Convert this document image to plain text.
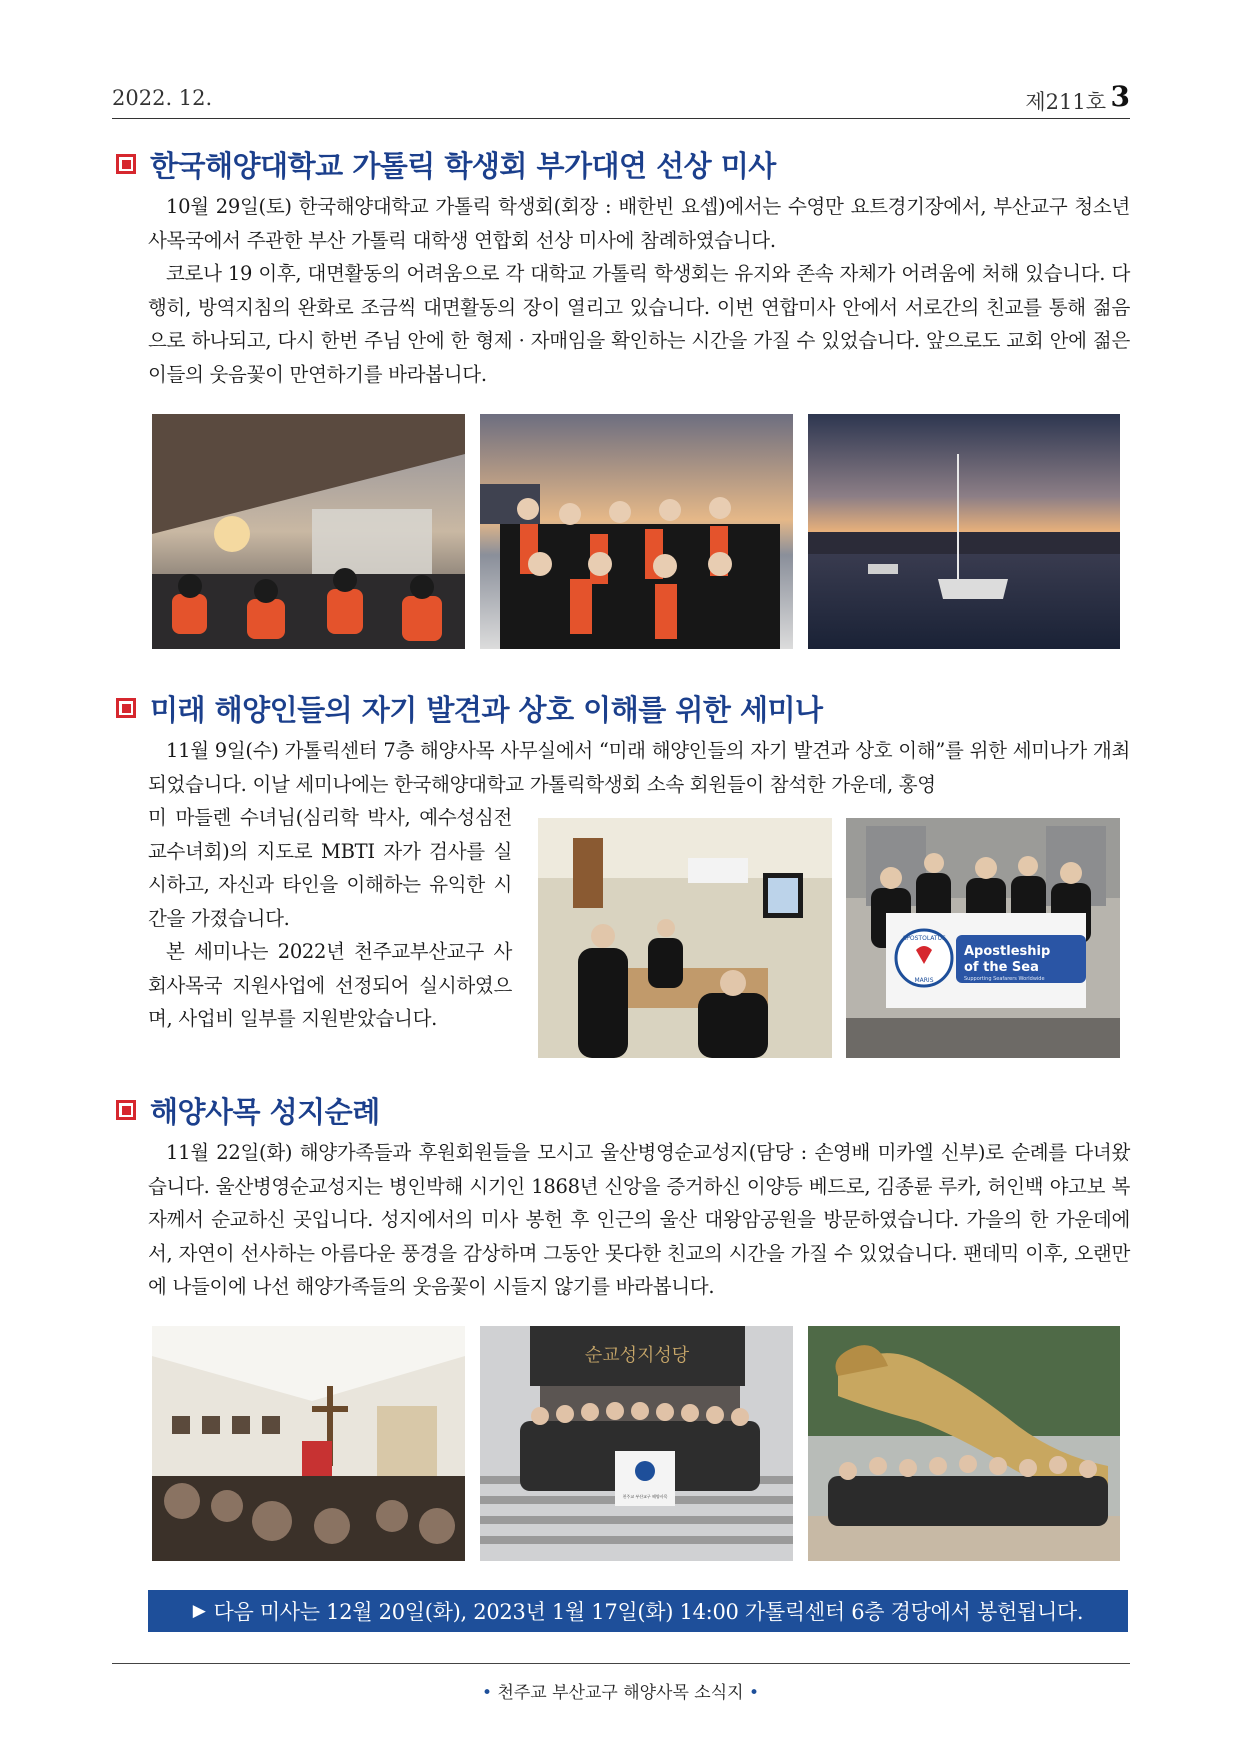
2022. 12.	제211호 3
한국해양대학교 가톨릭 학생회 부가대연 선상 미사

10월 29일(토) 한국해양대학교 가톨릭 학생회(회장 : 배한빈 요셉)에서는 수영만 요트경기장에서, 부산교구 청소년 사목국에서 주관한 부산 가톨릭 대학생 연합회 선상 미사에 참례하였습니다.

코로나 19 이후, 대면활동의 어려움으로 각 대학교 가톨릭 학생회는 유지와 존속 자체가 어려움에 처해 있습니다. 다행히, 방역지침의 완화로 조금씩 대면활동의 장이 열리고 있습니다. 이번 연합미사 안에서 서로간의 친교를 통해 젊음으로 하나되고, 다시 한번 주님 안에 한 형제 · 자매임을 확인하는 시간을 가질 수 있었습니다. 앞으로도 교회 안에 젊은이들의 웃음꽃이 만연하기를 바라봅니다.

미래 해양인들의 자기 발견과 상호 이해를 위한 세미나

11월 9일(수) 가톨릭센터 7층 해양사목 사무실에서 “미래 해양인들의 자기 발견과 상호 이해”를 위한 세미나가 개최되었습니다. 이날 세미나에는 한국해양대학교 가톨릭학생회 소속 회원들이 참석한 가운데, 홍영

미 마들렌 수녀님(심리학 박사, 예수성심전교수녀회)의 지도로 MBTI 자가 검사를 실시하고, 자신과 타인을 이해하는 유익한 시간을 가졌습니다.

본 세미나는 2022년 천주교부산교구 사회사목국 지원사업에 선정되어 실시하였으며, 사업비 일부를 지원받았습니다.

APOSTOLATUS
MARIS
Apostleship
of the Sea
Supporting Seafarers Worldwide
해양사목 성지순례

11월 22일(화) 해양가족들과 후원회원들을 모시고 울산병영순교성지(담당 : 손영배 미카엘 신부)로 순례를 다녀왔습니다. 울산병영순교성지는 병인박해 시기인 1868년 신앙을 증거하신 이양등 베드로, 김종륜 루카, 허인백 야고보 복자께서 순교하신 곳입니다. 성지에서의 미사 봉헌 후 인근의 울산 대왕암공원을 방문하였습니다. 가을의 한 가운데에서, 자연이 선사하는 아름다운 풍경을 감상하며 그동안 못다한 친교의 시간을 가질 수 있었습니다. 팬데믹 이후, 오랜만에 나들이에 나선 해양가족들의 웃음꽃이 시들지 않기를 바라봅니다.

순교성지성당
천주교 부산교구 해양사목
▶ 다음 미사는 12월 20일(화), 2023년 1월 17일(화) 14:00 가톨릭센터 6층 경당에서 봉헌됩니다.
• 천주교 부산교구 해양사목 소식지 •
